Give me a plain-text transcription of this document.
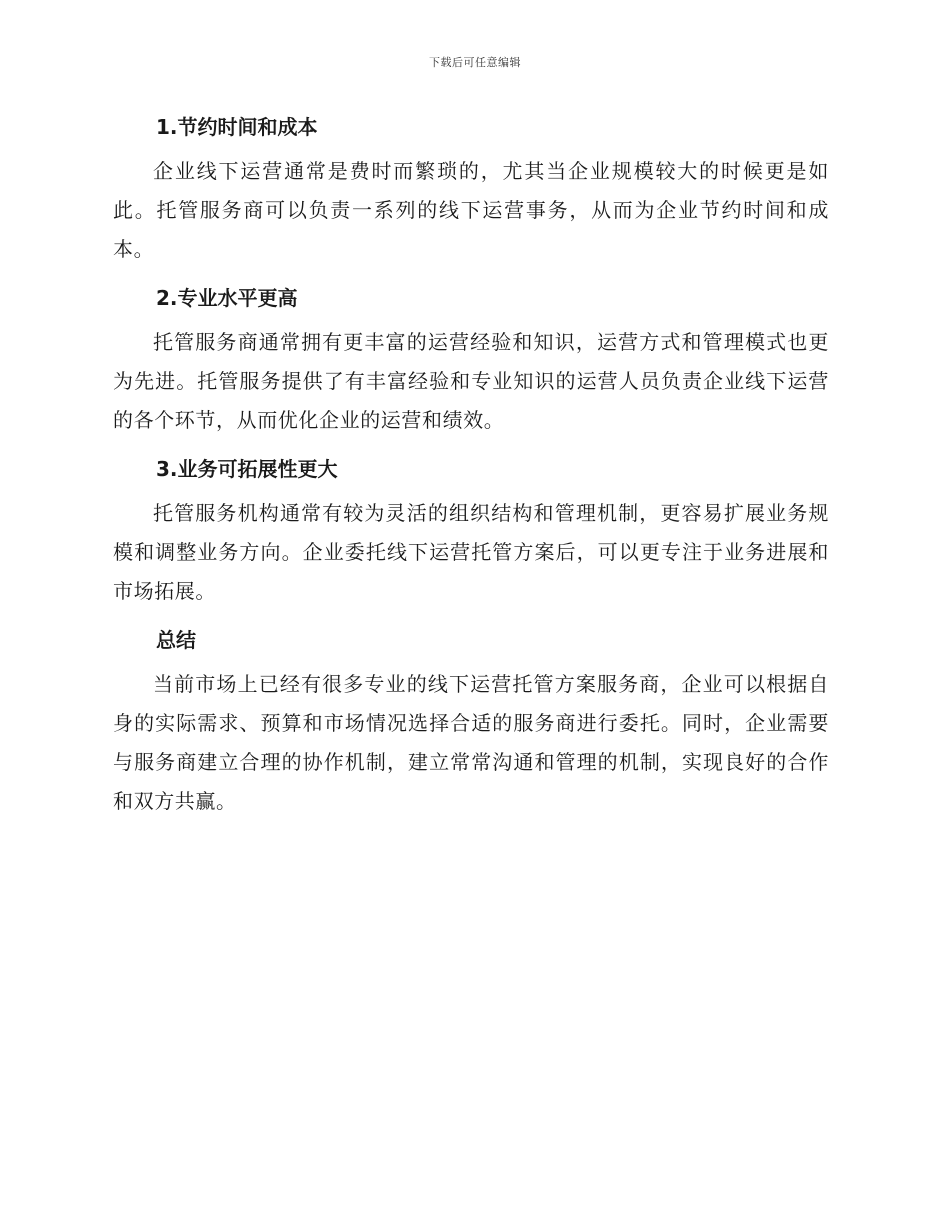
下载后可任意编辑
1.节约时间和成本

企业线下运营通常是费时而繁琐的，尤其当企业规模较大的时候更是如此。托管服务商可以负责一系列的线下运营事务，从而为企业节约时间和成本。

2.专业水平更高

托管服务商通常拥有更丰富的运营经验和知识，运营方式和管理模式也更为先进。托管服务提供了有丰富经验和专业知识的运营人员负责企业线下运营的各个环节，从而优化企业的运营和绩效。

3.业务可拓展性更大

托管服务机构通常有较为灵活的组织结构和管理机制，更容易扩展业务规模和调整业务方向。企业委托线下运营托管方案后，可以更专注于业务进展和市场拓展。

总结

当前市场上已经有很多专业的线下运营托管方案服务商，企业可以根据自身的实际需求、预算和市场情况选择合适的服务商进行委托。同时，企业需要与服务商建立合理的协作机制，建立常常沟通和管理的机制，实现良好的合作和双方共赢。
